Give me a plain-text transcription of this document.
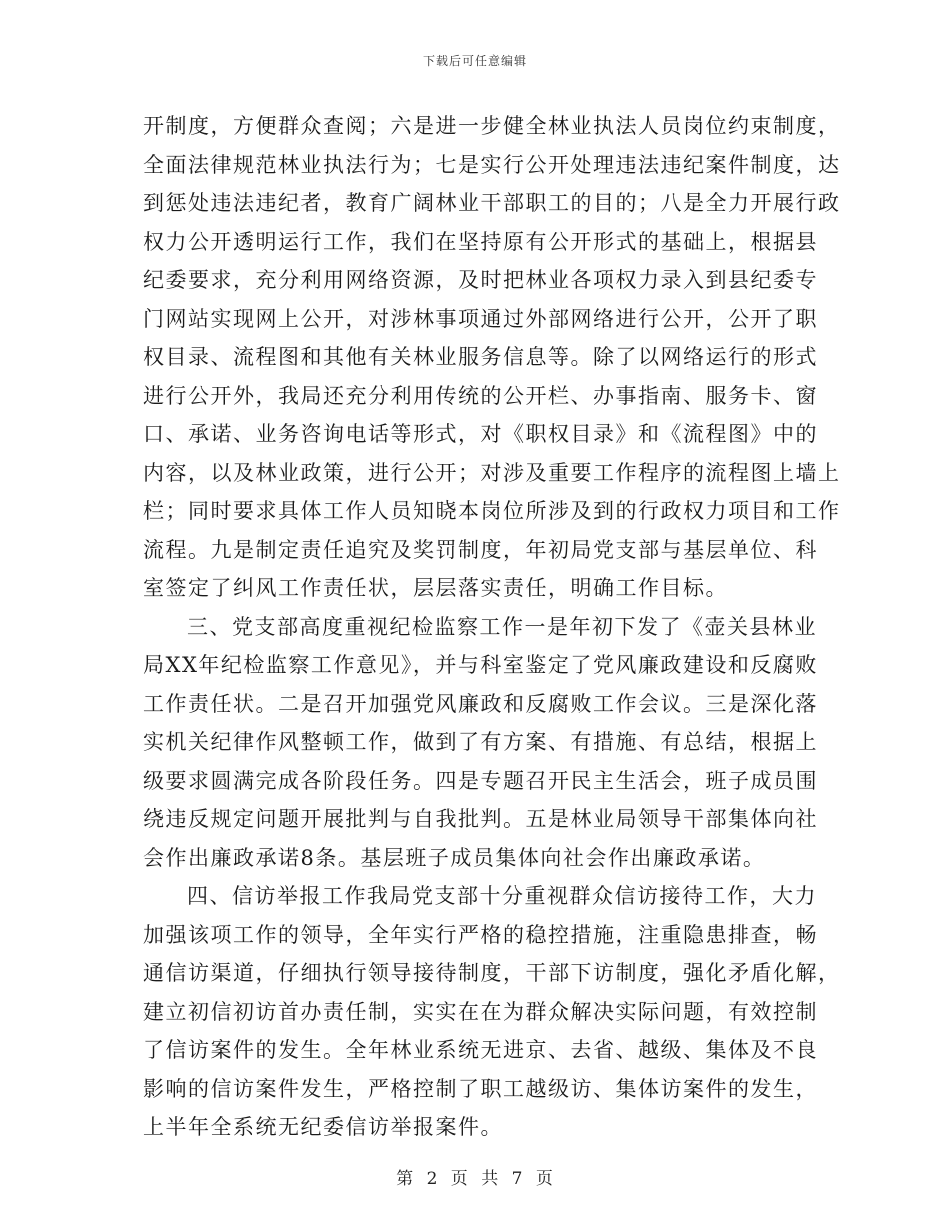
下载后可任意编辑
开制度，方便群众查阅；六是进一步健全林业执法人员岗位约束制度，
全面法律规范林业执法行为；七是实行公开处理违法违纪案件制度，达
到惩处违法违纪者，教育广阔林业干部职工的目的；八是全力开展行政
权力公开透明运行工作，我们在坚持原有公开形式的基础上，根据县
纪委要求，充分利用网络资源，及时把林业各项权力录入到县纪委专
门网站实现网上公开，对涉林事项通过外部网络进行公开，公开了职
权目录、流程图和其他有关林业服务信息等。除了以网络运行的形式
进行公开外，我局还充分利用传统的公开栏、办事指南、服务卡、窗
口、承诺、业务咨询电话等形式，对《职权目录》和《流程图》中的
内容，以及林业政策，进行公开；对涉及重要工作程序的流程图上墙上
栏；同时要求具体工作人员知晓本岗位所涉及到的行政权力项目和工作
流程。九是制定责任追究及奖罚制度，年初局党支部与基层单位、科
室签定了纠风工作责任状，层层落实责任，明确工作目标。
三、党支部高度重视纪检监察工作一是年初下发了《壶关县林业
局XX年纪检监察工作意见》，并与科室鉴定了党风廉政建设和反腐败
工作责任状。二是召开加强党风廉政和反腐败工作会议。三是深化落
实机关纪律作风整顿工作，做到了有方案、有措施、有总结，根据上
级要求圆满完成各阶段任务。四是专题召开民主生活会，班子成员围
绕违反规定问题开展批判与自我批判。五是林业局领导干部集体向社
会作出廉政承诺8条。基层班子成员集体向社会作出廉政承诺。
四、信访举报工作我局党支部十分重视群众信访接待工作，大力
加强该项工作的领导，全年实行严格的稳控措施，注重隐患排查，畅
通信访渠道，仔细执行领导接待制度，干部下访制度，强化矛盾化解，
建立初信初访首办责任制，实实在在为群众解决实际问题，有效控制
了信访案件的发生。全年林业系统无进京、去省、越级、集体及不良
影响的信访案件发生，严格控制了职工越级访、集体访案件的发生，
上半年全系统无纪委信访举报案件。
第 2 页 共 7 页
